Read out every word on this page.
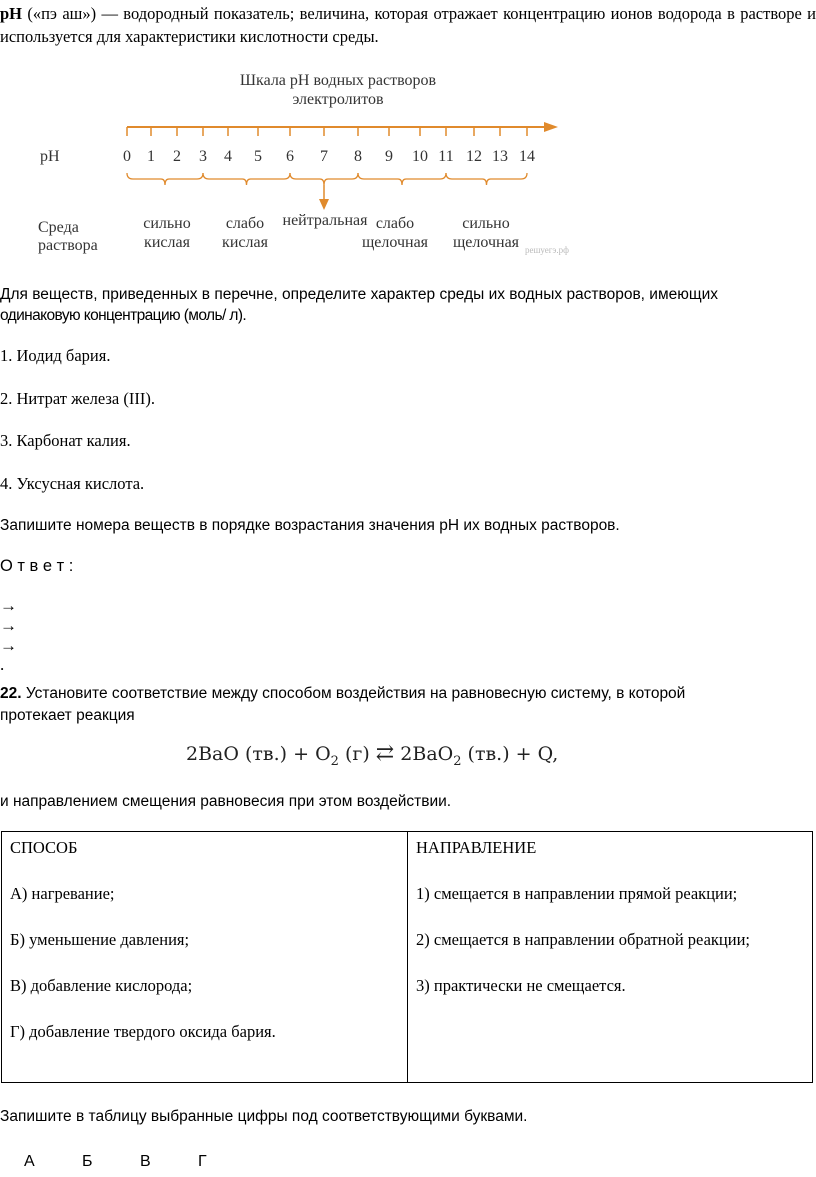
pH («пэ аш») — водородный показатель; величина, которая отражает концентрацию ионов водорода в растворе и используется для характеристики кислотности среды.

Шкала pH водных растворов
электролитов
0 1 2 3 4 5 6 7 8 9 10 11 12 13 14
pH
Среда
раствора
сильно
кислая
слабо
кислая
нейтральная слабо
щелочная
сильно
щелочная решуегэ.рф

Для веществ, приведенных в перечне, определите характер среды их водных растворов, имеющих

одинаковую концентрацию (моль/ л).

1. Иодид бария.

2. Нитрат железа (III).

3. Карбонат калия.

4. Уксусная кислота.

Запишите номера веществ в порядке возрастания значения pH их водных растворов.

О т в е т :

→
→
→
.

22. Установите соответствие между способом воздействия на равновесную систему, в которой

протекает реакция

2BaO $(тв.) + O_2$ (г) ⇄ 2BaO$_2$ (тв.) + Q,

и направлением смещения равновесия при этом воздействии.

СПОСОБ
А) нагревание;
Б) уменьшение давления;
В) добавление кислорода;
Г) добавление твердого оксида бария.
НАПРАВЛЕНИЕ
1) смещается в направлении прямой реакции;
2) смещается в направлении обратной реакции;
3) практически не смещается.

Запишите в таблицу выбранные цифры под соответствующими буквами.

А	Б	В	Г
